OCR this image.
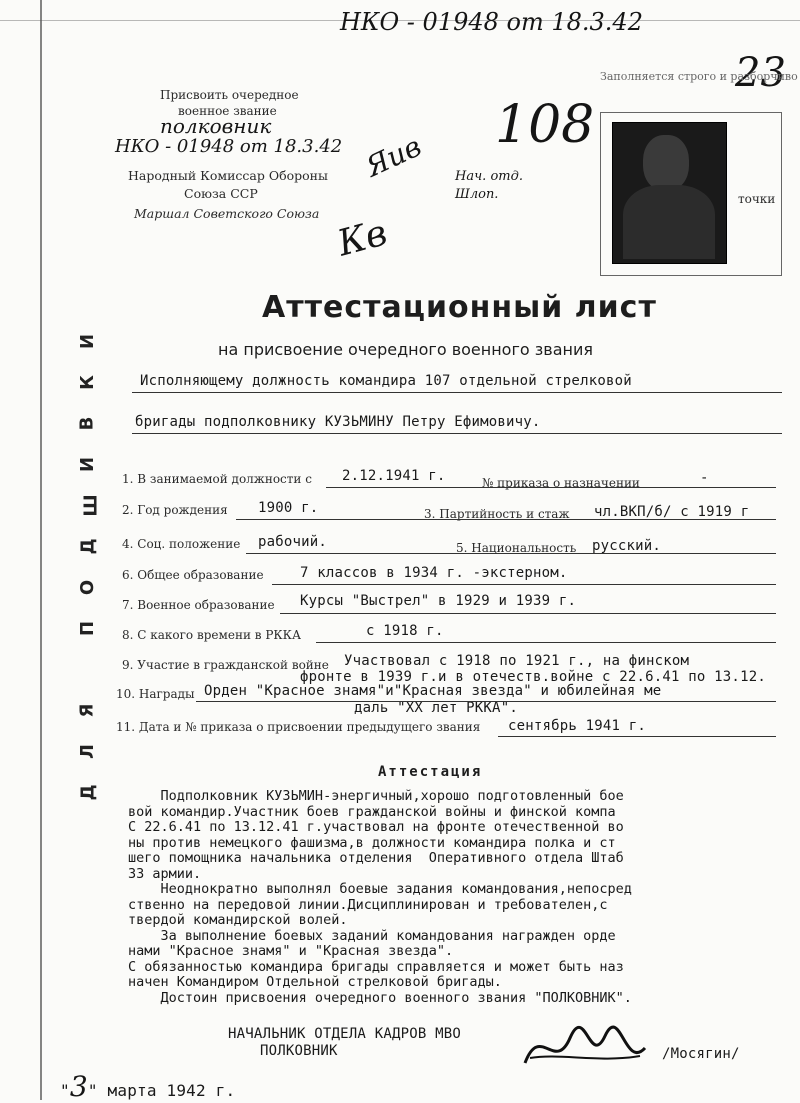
НКО - 01948 от 18.3.42
23
Заполняется строго и разборчиво
Присвоить очередное
военное звание
полковник
НКО - 01948 от 18.3.42
Народный Комиссар Обороны
Союза ССР
Маршал Советского Союза
108
Яив
Кв
Нач. отд. Шлоп.	точки
Д
Л
Я
П
О
Д
Ш
И
В
К
И
Аттестационный лист
на присвоение очередного военного звания
Исполняющему должность командира 107 отдельной стрелковой
бригады подполковнику КУЗЬМИНУ Петру Ефимовичу.
1. В занимаемой должности с 2.12.1941 г.	№ приказа о назначении	-
2. Год рождения 1900 г.	3. Партийность и стаж чл.ВКП/б/ с 1919 г
4. Соц. положение рабочий.	5. Национальность русский.
6. Общее образование	7 классов в 1934 г. -экстерном.
7. Военное образование Курсы "Выстрел" в 1929 и 1939 г.
8. С какого времени в РККА	с 1918 г.
9. Участие в гражданской войне Участвовал с 1918 по 1921 г., на финском
фронте в 1939 г.и в отечеств.войне с 22.6.41 по 13.12.
10. Награды Орден "Красное знамя"и"Красная звезда" и юбилейная ме
даль "XX лет РККА".
11. Дата и № приказа о присвоении предыдущего звания сентябрь 1941 г.
Аттестация
Подполковник КУЗЬМИН-энергичный,хорошо подготовленный бое
вой командир.Участник боев гражданской войны и финской компа
С 22.6.41 по 13.12.41 г.участвовал на фронте отечественной во
ны против немецкого фашизма,в должности командира полка и ст
шего помощника начальника отделения  Оперативного отдела Штаб
33 армии.
Неоднократно выполнял боевые задания командования,непосред
ственно на передовой линии.Дисциплинирован и требователен,с
твердой командирской волей.
За выполнение боевых заданий командования награжден орде
нами "Красное знамя" и "Красная звезда".
С обязанностью командира бригады справляется и может быть наз
начен Командиром Отдельной стрелковой бригады.
Достоин присвоения очередного военного звания "ПОЛКОВНИК".
НАЧАЛЬНИК ОТДЕЛА КАДРОВ МВО
ПОЛКОВНИК	/Мосягин/
"3" марта 1942 г.
